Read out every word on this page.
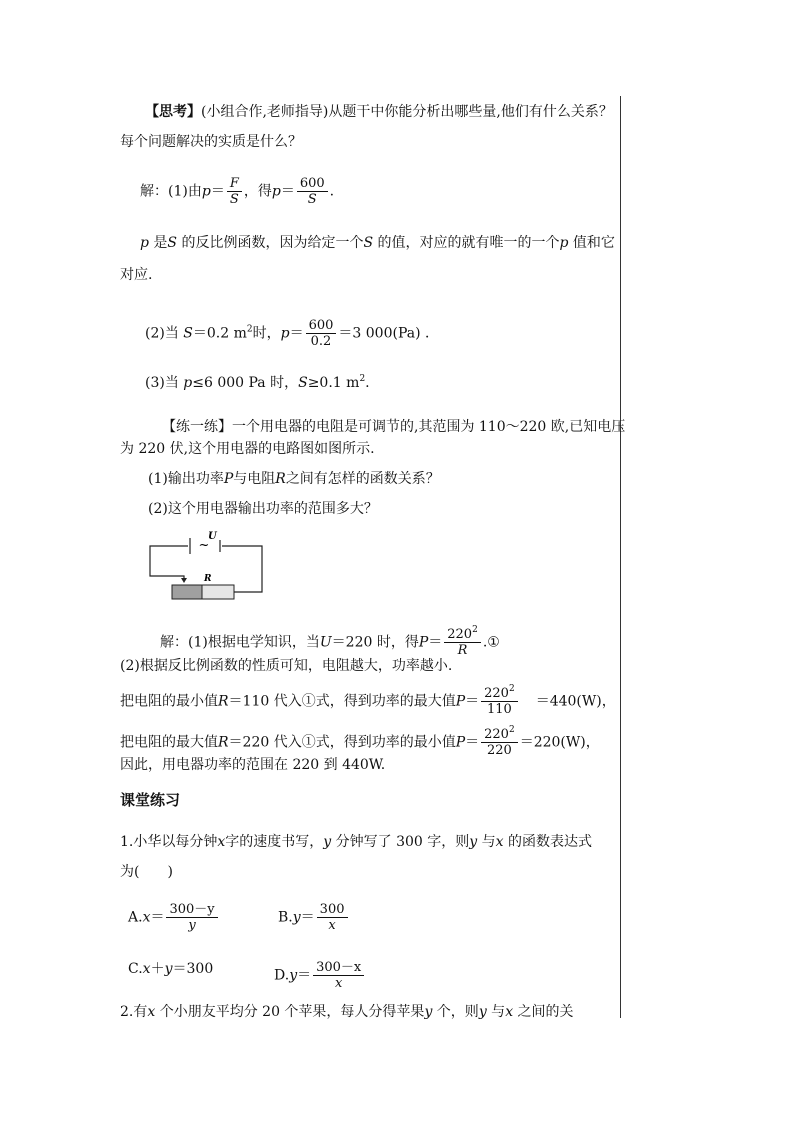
【思考】(小组合作,老师指导)从题干中你能分析出哪些量,他们有什么关系？
每个问题解决的实质是什么？
解：(1)由$p= \frac{F}{S}$ ，得$p= \frac{600}{S}$ .
p 是S 的反比例函数，因为给定一个S 的值，对应的就有唯一的一个p 值和它
对应.
(2)当 S＝0.2 $m^2$时，$p= \frac{600}{0.2} =3$ 000(Pa) ．
(3)当 p≤6 000 Pa 时，S≥0.1 $m^2$.
【练一练】一个用电器的电阻是可调节的,其范围为 110～220 欧,已知电压
为 220 伏,这个用电器的电路图如图所示.
(1)输出功率P与电阻R之间有怎样的函数关系？
(2)这个用电器输出功率的范围多大？
~
U
R
解：(1)根据电学知识，当U＝220 时，得$P= \frac{220^2}{R}$ .①
(2)根据反比例函数的性质可知，电阻越大，功率越小.
把电阻的最小值R＝110 代入①式，得到功率的最大值$P= \frac{220^2}{110} =440(W)$，
把电阻的最大值R＝220 代入①式，得到功率的最小值$P= \frac{220^2}{220} =220(W)$，
因此，用电器功率的范围在 220 到 440W.
课堂练习
1.小华以每分钟x字的速度书写，y 分钟写了 300 字，则y 与x 的函数表达式
为(　　)
$A.x= \frac{300-y}{y}$	$B.y= \frac{300}{x}$
C.x＋y＝300	$D.y= \frac{300-x}{x}$
2.有x 个小朋友平均分 20 个苹果，每人分得苹果y 个，则y 与x 之间的关
